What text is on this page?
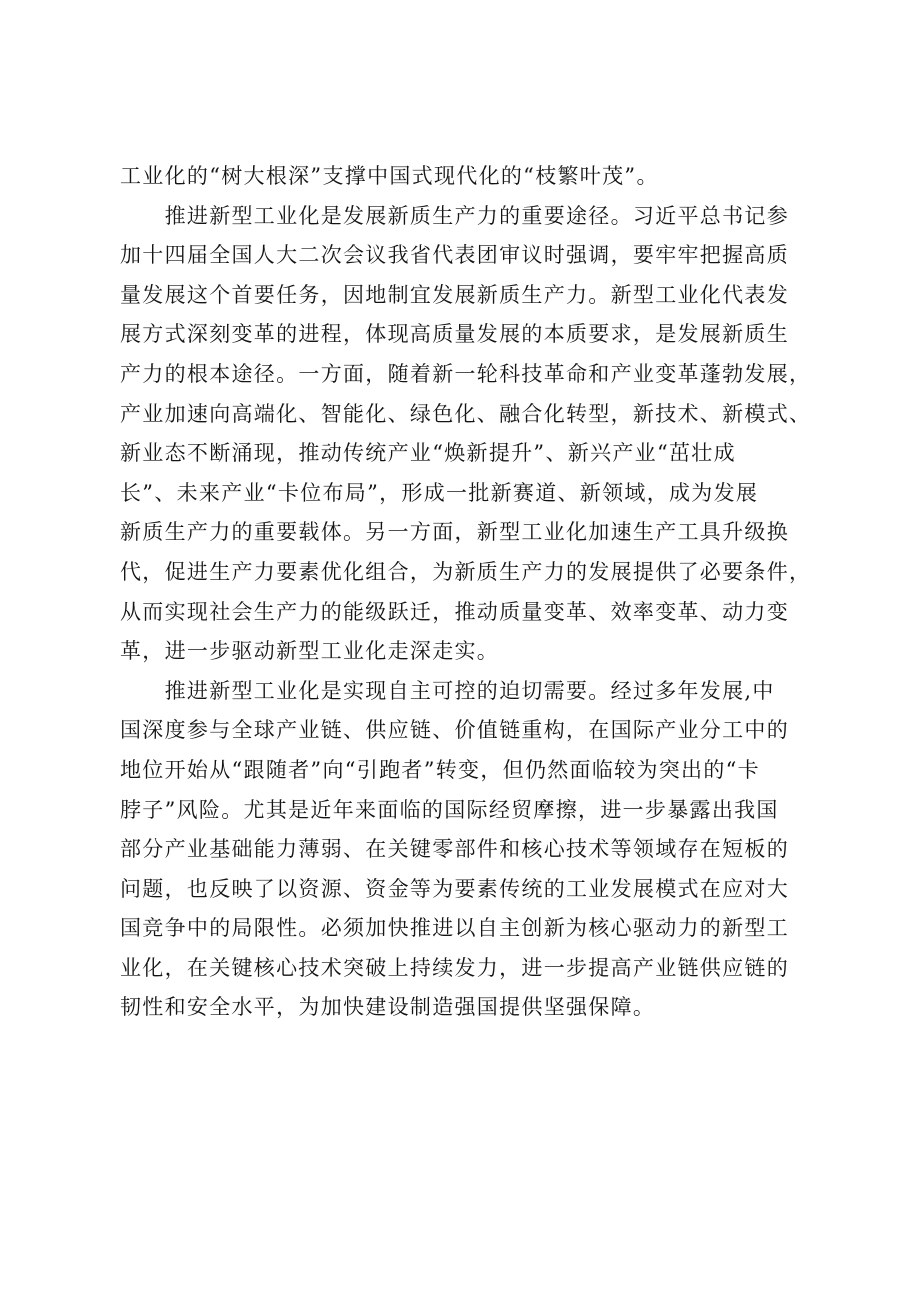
工业化的“树大根深”支撑中国式现代化的“枝繁叶茂”。
　　推进新型工业化是发展新质生产力的重要途径。习近平总书记参
加十四届全国人大二次会议我省代表团审议时强调，要牢牢把握高质
量发展这个首要任务，因地制宜发展新质生产力。新型工业化代表发
展方式深刻变革的进程，体现高质量发展的本质要求，是发展新质生
产力的根本途径。一方面，随着新一轮科技革命和产业变革蓬勃发展，
产业加速向高端化、智能化、绿色化、融合化转型，新技术、新模式、
新业态不断涌现，推动传统产业“焕新提升”、新兴产业“茁壮成
长”、未来产业“卡位布局”，形成一批新赛道、新领域，成为发展
新质生产力的重要载体。另一方面，新型工业化加速生产工具升级换
代，促进生产力要素优化组合，为新质生产力的发展提供了必要条件，
从而实现社会生产力的能级跃迁，推动质量变革、效率变革、动力变
革，进一步驱动新型工业化走深走实。
　　推进新型工业化是实现自主可控的迫切需要。经过多年发展,中
国深度参与全球产业链、供应链、价值链重构，在国际产业分工中的
地位开始从“跟随者”向“引跑者”转变，但仍然面临较为突出的“卡
脖子”风险。尤其是近年来面临的国际经贸摩擦，进一步暴露出我国
部分产业基础能力薄弱、在关键零部件和核心技术等领域存在短板的
问题，也反映了以资源、资金等为要素传统的工业发展模式在应对大
国竞争中的局限性。必须加快推进以自主创新为核心驱动力的新型工
业化，在关键核心技术突破上持续发力，进一步提高产业链供应链的
韧性和安全水平，为加快建设制造强国提供坚强保障。
